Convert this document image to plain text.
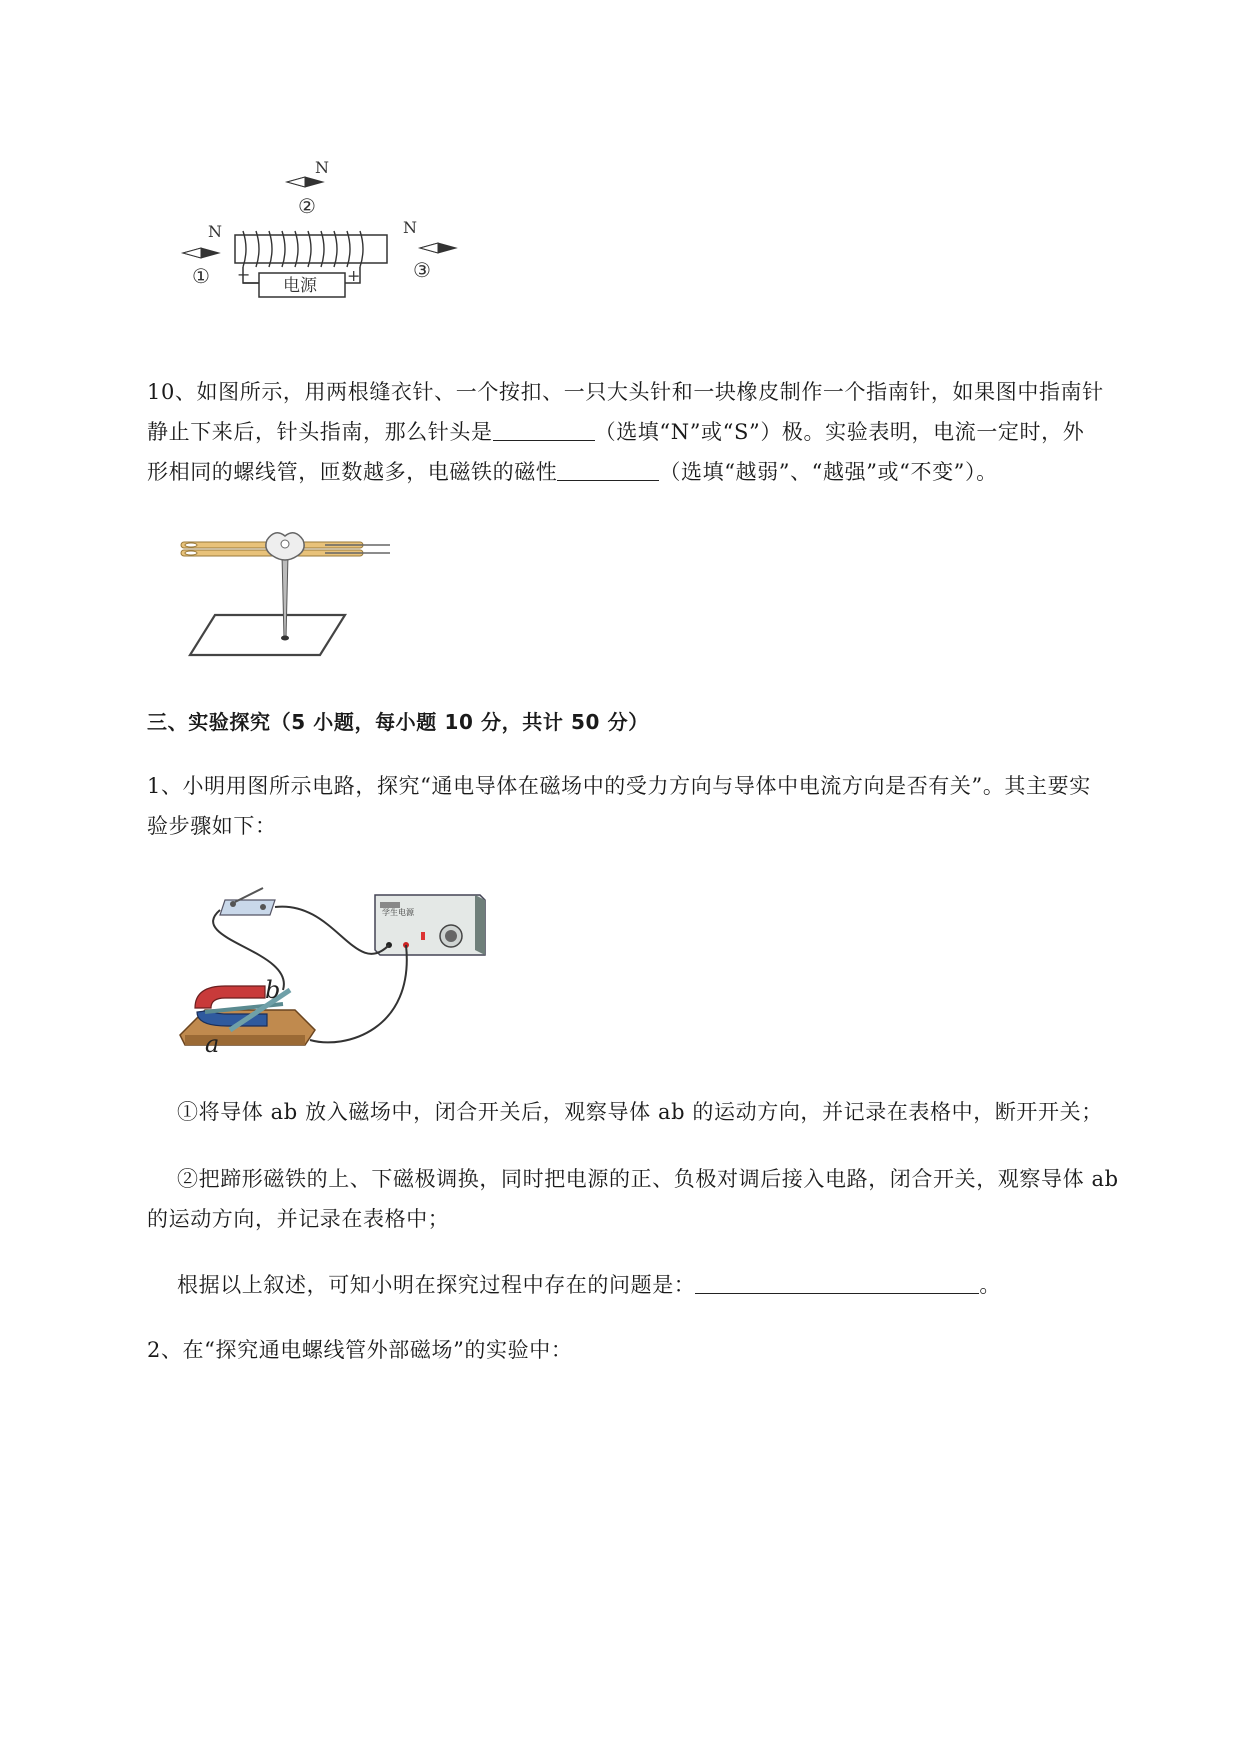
N
②
N
①
N
③
−	+
电源
10、如图所示，用两根缝衣针、一个按扣、一只大头针和一块橡皮制作一个指南针，如果图中指南针
静止下来后，针头指南，那么针头是	（选填“N”或“S”）极。实验表明，电流一定时，外
形相同的螺线管，匝数越多，电磁铁的磁性	（选填“越弱”、“越强”或“不变”）。
三、实验探究（5 小题，每小题 10 分，共计 50 分）
1、小明用图所示电路，探究“通电导体在磁场中的受力方向与导体中电流方向是否有关”。其主要实
验步骤如下：
学生电源
b
a
①将导体 ab 放入磁场中，闭合开关后，观察导体 ab 的运动方向，并记录在表格中，断开开关；
②把蹄形磁铁的上、下磁极调换，同时把电源的正、负极对调后接入电路，闭合开关，观察导体 ab
的运动方向，并记录在表格中；
根据以上叙述，可知小明在探究过程中存在的问题是：	。
2、在“探究通电螺线管外部磁场”的实验中：
